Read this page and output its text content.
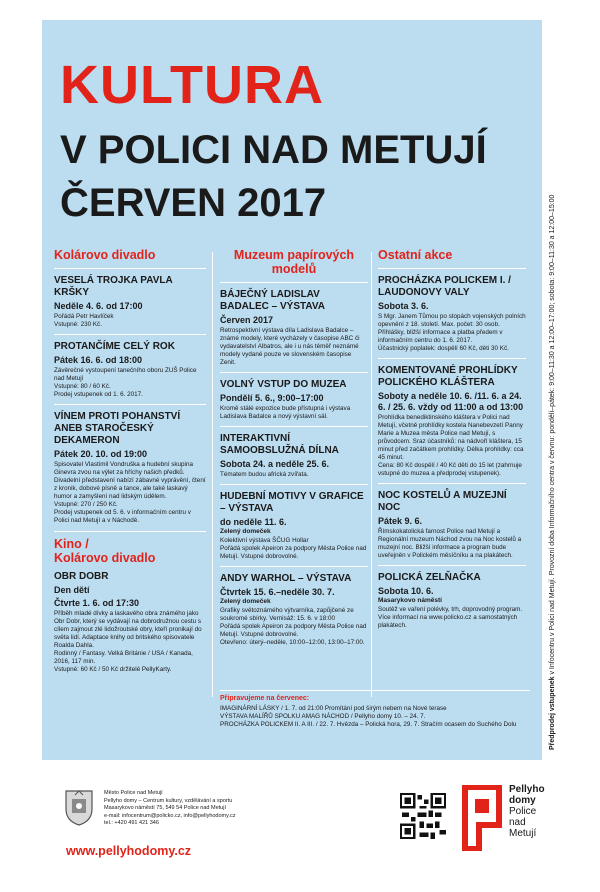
KULTURA
V POLICI NAD METUJÍ
ČERVEN 2017
Kolárovo divadlo
VESELÁ TROJKA PAVLA KRŠKY
Neděle 4. 6. od 17:00
Pořádá Petr Havlíček
Vstupné: 230 Kč.
PROTANČÍME CELÝ ROK
Pátek 16. 6. od 18:00
Závěrečné vystoupení tanečního oboru ZUŠ Police nad Metují
Vstupné: 80 / 60 Kč.
Prodej vstupenek od 1. 6. 2017.
VÍNEM PROTI POHANSTVÍ ANEB STAROČESKÝ DEKAMERON
Pátek 20. 10. od 19:00
Spisovatel Vlastimil Vondruška a hudební skupina Ginevra zvou na výlet za hříchy našich předků. Divadelní představení nabízí zábavné vyprávění, čtení z kronik, dobové písně a tance, ale také laskavý humor a zamyšlení nad lidským údělem.
Vstupné: 270 / 250 Kč.
Prodej vstupenek od 5. 6. v informačním centru v Polici nad Metují a v Náchodě.
Kino /
Kolárovo divadlo
OBR DOBR
Den dětí
Čtvrte 1. 6. od 17:30
Příběh mladé dívky a laskavého obra známého jako Obr Dobr, který se vydávají na dobrodružnou cestu s cílem zajmout zlé lidožroutské obry, kteří pronikají do světa lidí. Adaptace knihy od britského spisovatele Roalda Dahla.
Rodinný / Fantasy. Velká Británie / USA / Kanada, 2016, 117 min.
Vstupné: 60 Kč / 50 Kč držitelé PellyKarty.
Muzeum papírových modelů
BÁJEČNÝ LADISLAV BADALEC – VÝSTAVA
Červen 2017
Retrospektivní výstava díla Ladislava Badalce – známé modely, které vycházely v časopise ABC či vydavatelství Albatros, ale i u nás téměř neznámé modely vydané pouze ve slovenském časopise Zenit.
VOLNÝ VSTUP DO MUZEA
Pondělí 5. 6., 9:00–17:00
Kromě stálé expozice bude přístupná i výstava Ladislava Badalce a nový výstavní sál.
INTERAKTIVNÍ SAMOOBSLUŽNÁ DÍLNA
Sobota 24. a neděle 25. 6.
Tématem budou africká zvířata.
HUDEBNÍ MOTIVY V GRAFICE – VÝSTAVA
do neděle 11. 6.
Zelený domeček
Kolektivní výstava ŠČUG Hollar
Pořádá spolek Apeiron za podpory Města Police nad Metují. Vstupné dobrovolné.
ANDY WARHOL – VÝSTAVA
Čtvrtek 15. 6.–neděle 30. 7.
Zelený domeček
Grafiky světoznámého výtvarníka, zapůjčené ze soukromé sbírky. Vernisáž: 15. 6. v 18:00
Pořádá spolek Apeiron za podpory Města Police nad Metují. Vstupné dobrovolné.
Otevřeno: úterý–neděle, 10:00–12:00, 13:00–17:00.
Ostatní akce
PROCHÁZKA POLICKEM I. / LAUDONOVY VALY
Sobota 3. 6.
S Mgr. Janem Tůmou po stopách vojenských polních opevnění z 18. století. Max. počet: 30 osob. Přihlášky, bližší informace a platba předem v informačním centru do 1. 6. 2017.
Účastnický poplatek: dospělí 60 Kč, děti 30 Kč.
KOMENTOVANÉ PROHLÍDKY POLICKÉHO KLÁŠTERA
Soboty a neděle 10. 6. /11. 6. a 24. 6. / 25. 6. vždy od 11:00 a od 13:00
Prohlídka benediktinského kláštera v Polici nad Metují, včetně prohlídky kostela Nanebevzetí Panny Marie a Muzea města Police nad Metují, s průvodcem. Sraz účastníků: na nádvoří kláštera, 15 minut před začátkem prohlídky. Délka prohlídky: cca 45 minut.
Cena: 80 Kč dospělí / 40 Kč děti do 15 let (zahrnuje vstupné do muzea a předprodej vstupenek).
NOC KOSTELŮ A MUZEJNÍ NOC
Pátek 9. 6.
Římskokatolická farnost Police nad Metují a Regionální muzeum Náchod zvou na Noc kostelů a muzejní noc. Bližší informace a program bude uveřejněn v Polickém měsíčníku a na plakátech.
POLICKÁ ZELŇAČKA
Sobota 10. 6.
Masarykovo náměstí
Soutěž ve vaření polévky, trh, doprovodný program. Více informací na www.policko.cz a samostatných plakátech.
Připravujeme na červenec:
IMAGINÁRNÍ LÁSKY / 1. 7. od 21:00 Promítání pod širým nebem na Nové terase
VÝSTAVA MALÍŘŮ SPOLKU AMAG NÁCHOD / Pellyho domy 10. – 24. 7.
PROCHÁZKA POLICKEM II. A III. / 22. 7. Hvězda – Polická hora, 29. 7. Stračím ocasem do Suchého Dolu	Předprodej vstupenek v Infocentru v Polici nad Metují. Provozní doba Informačního centra v červnu: pondělí–pátek: 9:00–11:30 a 12:00–17:00; sobota: 9:00–11:30 a 12:00–15:00
Město Police nad Metují
Pellyho domy – Centrum kultury, vzdělávání a sportu
Masarykovo náměstí 75, 549 54 Police nad Metují
e-mail: infocentrum@policko.cz, info@pellyhodomy.cz
tel.: +420 491 421 346
www.pellyhodomy.cz
Pellyho
domy
Police
nad
Metují
